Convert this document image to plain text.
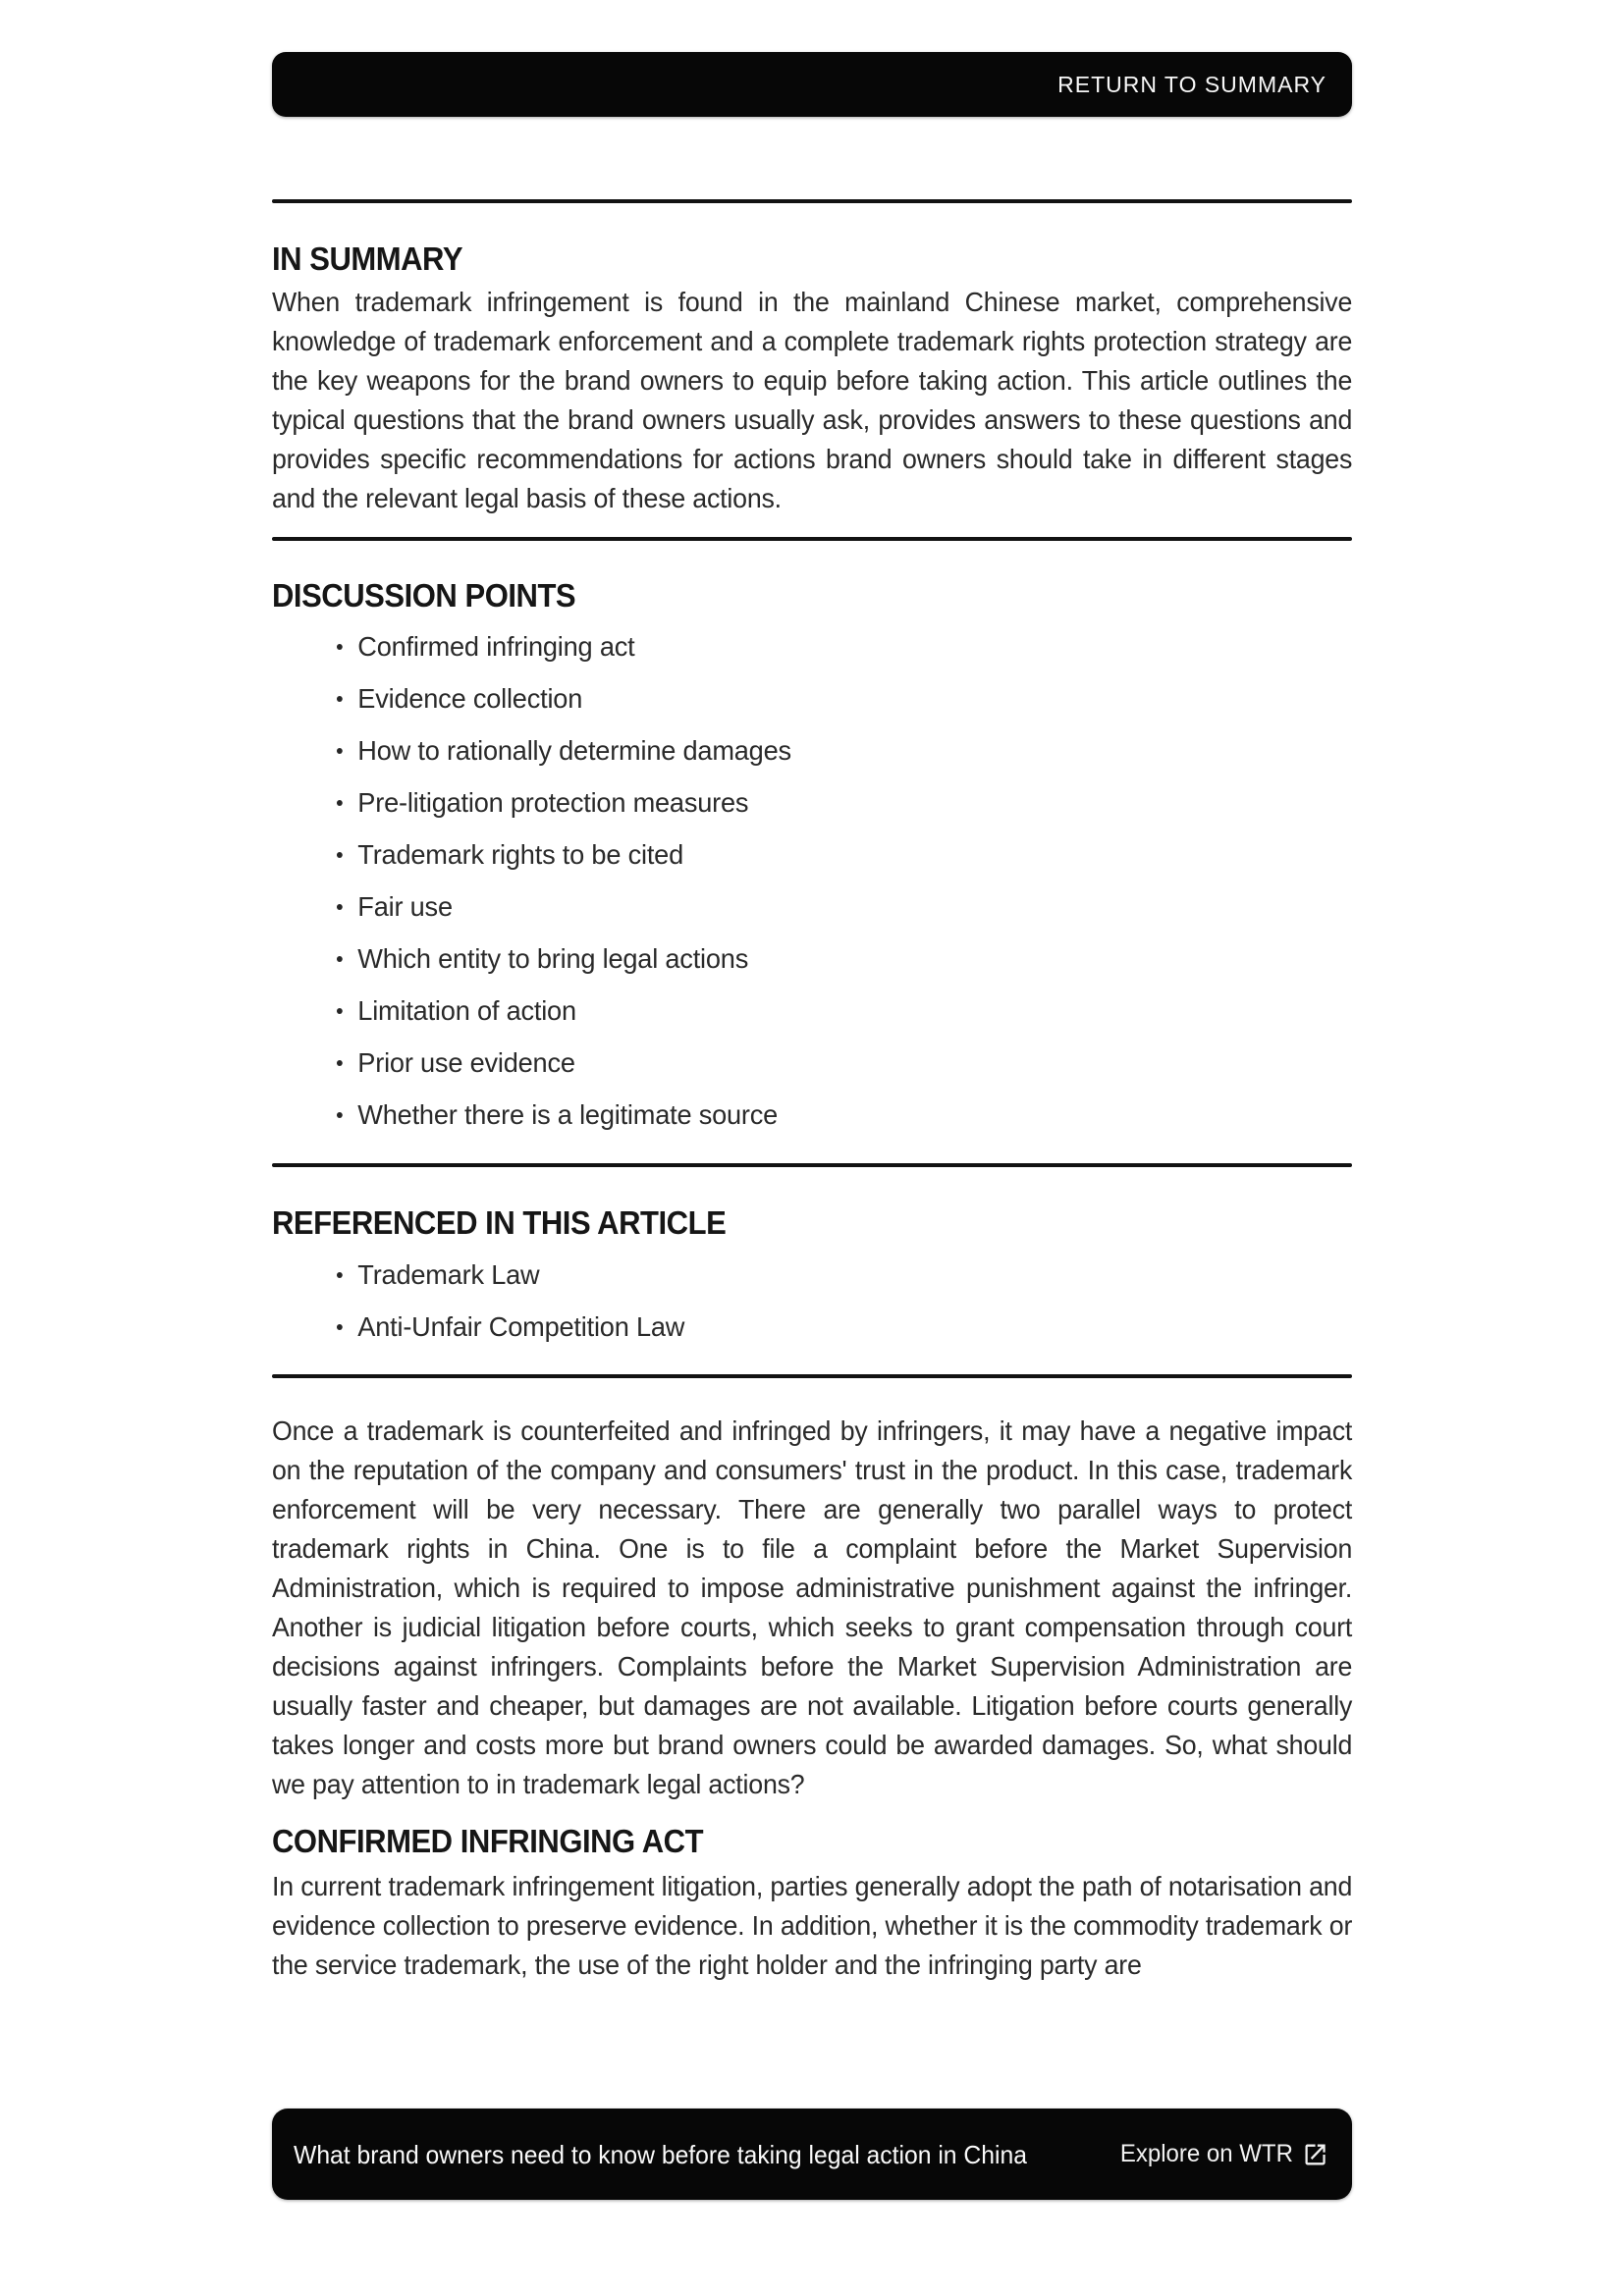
RETURN TO SUMMARY
IN SUMMARY

When trademark infringement is found in the mainland Chinese market, comprehensive knowledge of trademark enforcement and a complete trademark rights protection strategy are the key weapons for the brand owners to equip before taking action. This article outlines the typical questions that the brand owners usually ask, provides answers to these questions and provides specific recommendations for actions brand owners should take in different stages and the relevant legal basis of these actions.

DISCUSSION POINTS
Confirmed infringing act
Evidence collection
How to rationally determine damages
Pre-litigation protection measures
Trademark rights to be cited
Fair use
Which entity to bring legal actions
Limitation of action
Prior use evidence
Whether there is a legitimate source
REFERENCED IN THIS ARTICLE
Trademark Law
Anti-Unfair Competition Law

Once a trademark is counterfeited and infringed by infringers, it may have a negative impact on the reputation of the company and consumers' trust in the product. In this case, trademark enforcement will be very necessary. There are generally two parallel ways to protect trademark rights in China. One is to file a complaint before the Market Supervision Administration, which is required to impose administrative punishment against the infringer. Another is judicial litigation before courts, which seeks to grant compensation through court decisions against infringers. Complaints before the Market Supervision Administration are usually faster and cheaper, but damages are not available. Litigation before courts generally takes longer and costs more but brand owners could be awarded damages. So, what should we pay attention to in trademark legal actions?

CONFIRMED INFRINGING ACT

In current trademark infringement litigation, parties generally adopt the path of notarisation and evidence collection to preserve evidence. In addition, whether it is the commodity trademark or the service trademark, the use of the right holder and the infringing party are

What brand owners need to know before taking legal action in China	Explore on WTR
